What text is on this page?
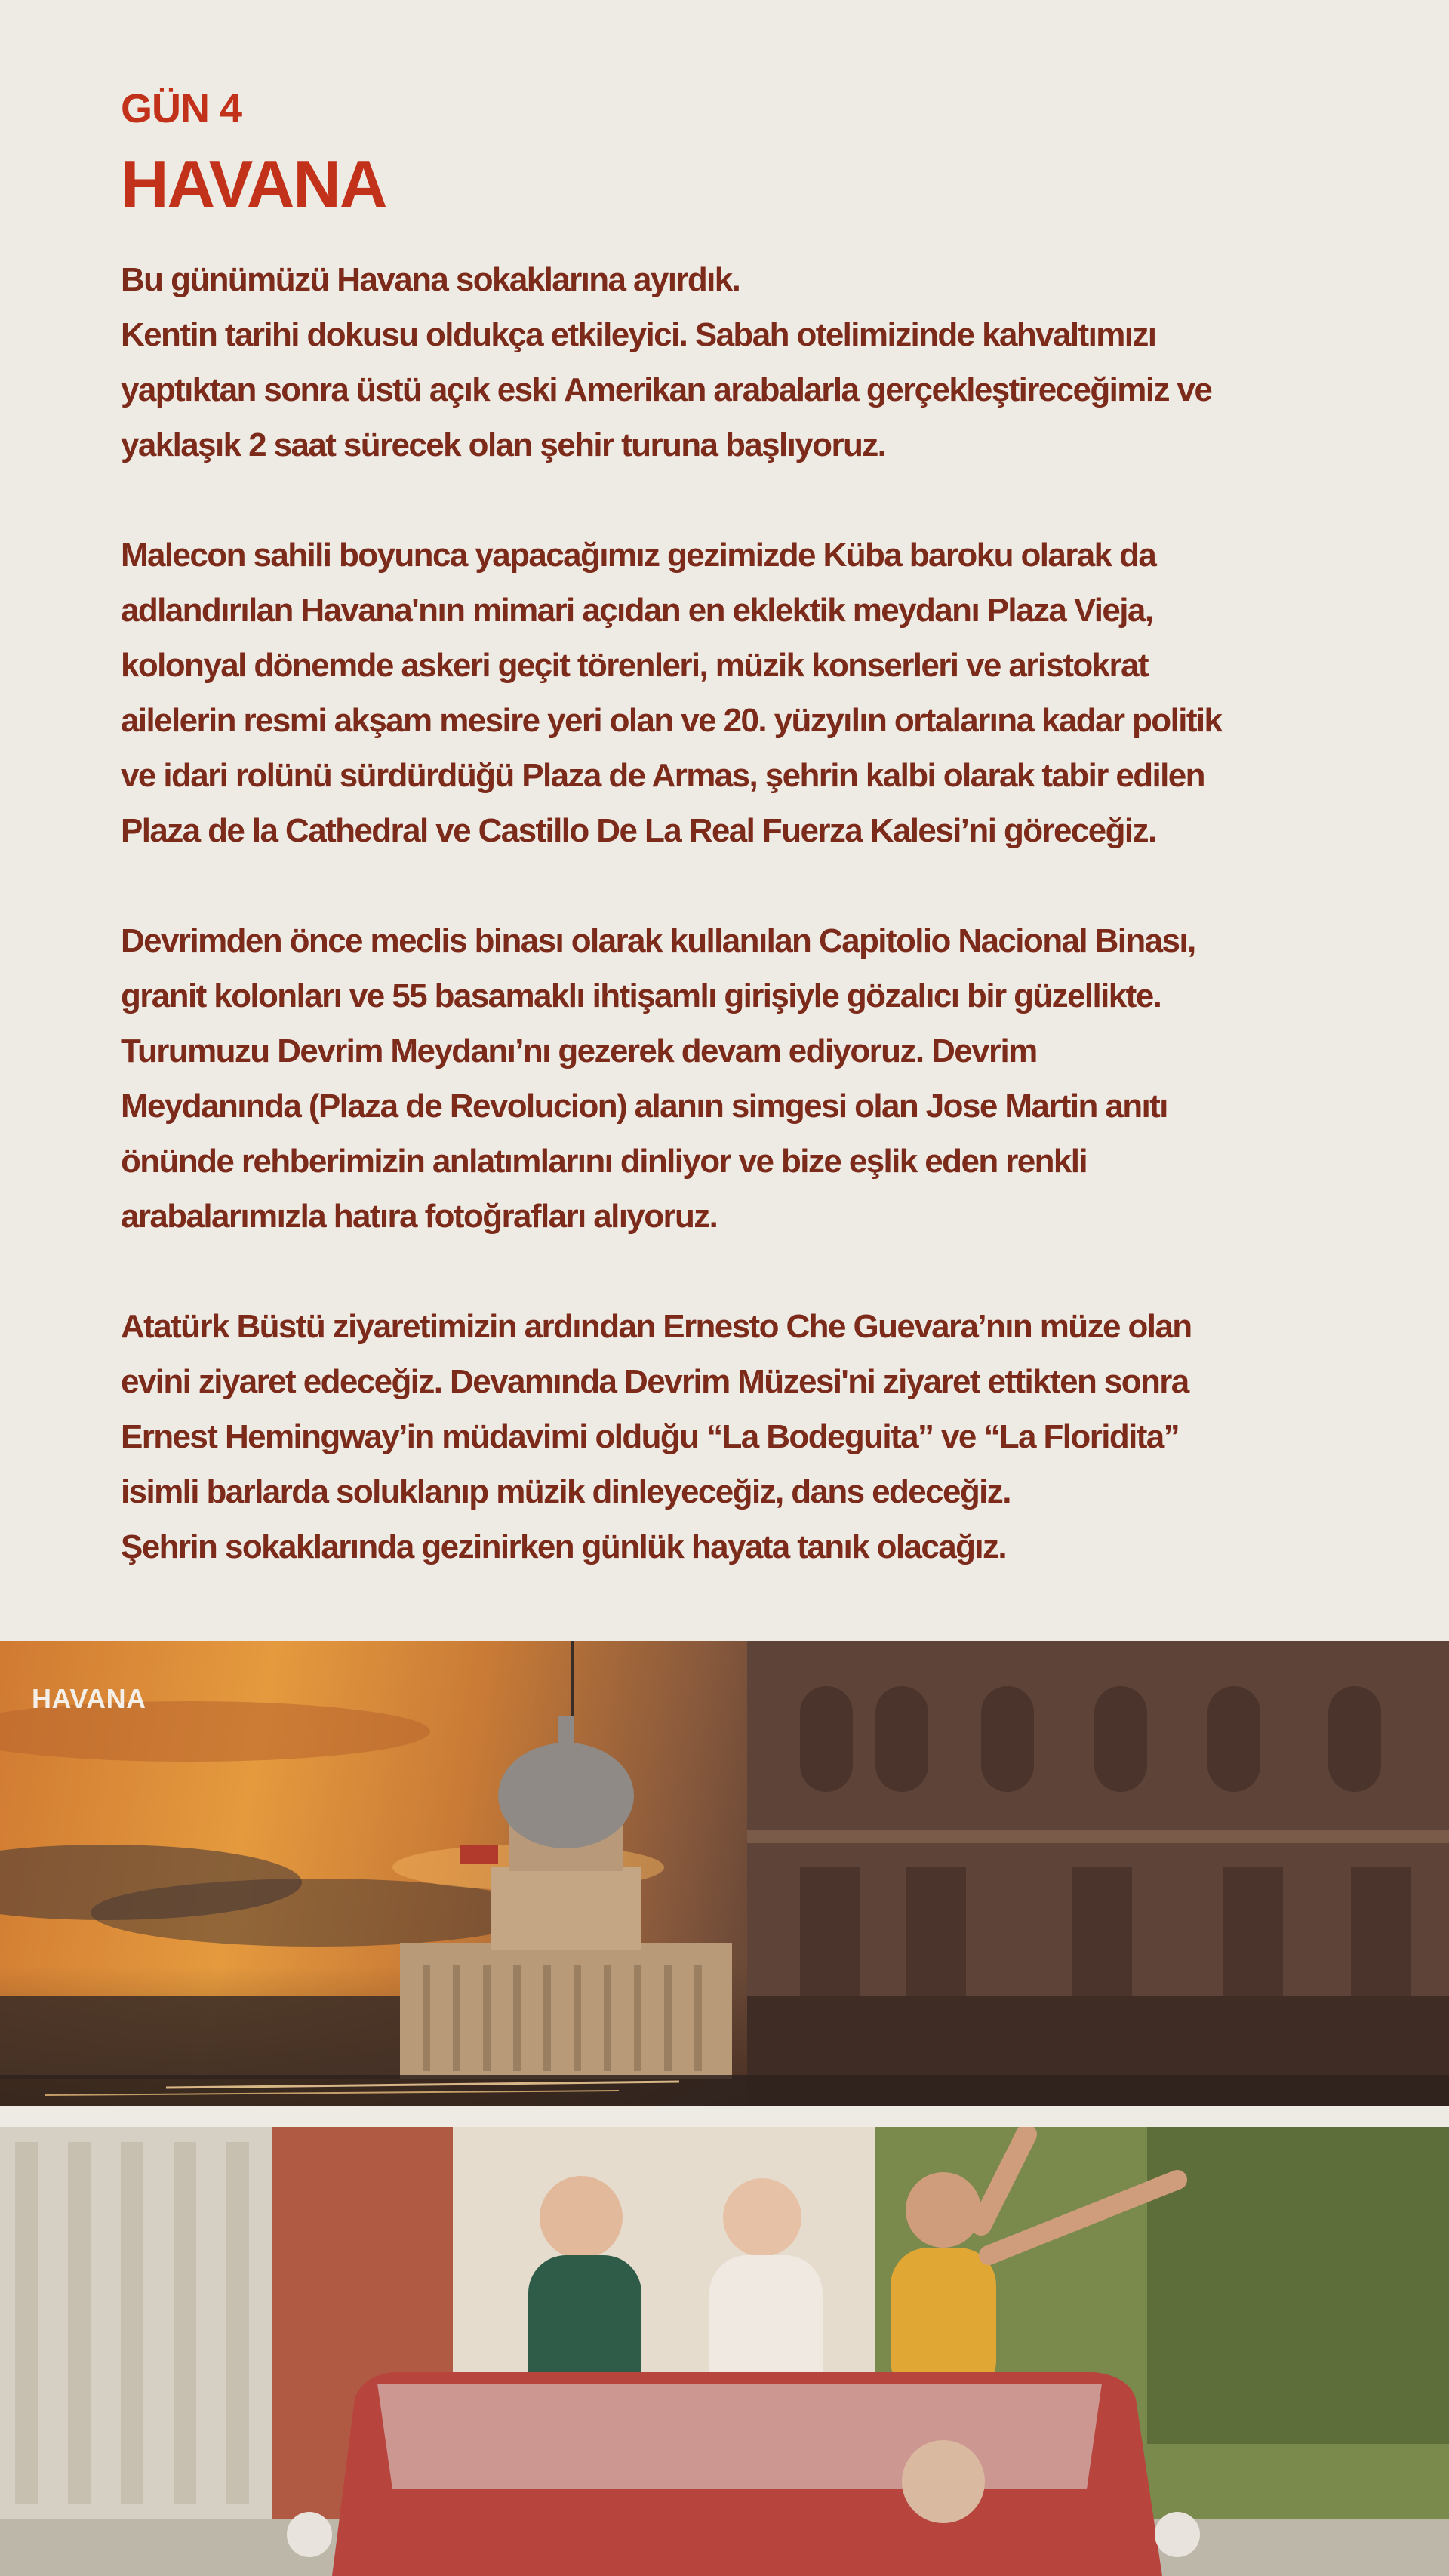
GÜN 4
HAVANA

Bu günümüzü Havana sokaklarına ayırdık.
Kentin tarihi dokusu oldukça etkileyici. Sabah otelimizinde kahvaltımızı
yaptıktan sonra üstü açık eski Amerikan arabalarla gerçekleştireceğimiz ve
yaklaşık 2 saat sürecek olan şehir turuna başlıyoruz.

Malecon sahili boyunca yapacağımız gezimizde Küba baroku olarak da
adlandırılan Havana'nın mimari açıdan en eklektik meydanı Plaza Vieja,
kolonyal dönemde askeri geçit törenleri, müzik konserleri ve aristokrat
ailelerin resmi akşam mesire yeri olan ve 20. yüzyılın ortalarına kadar politik
ve idari rolünü sürdürdüğü Plaza de Armas, şehrin kalbi olarak tabir edilen
Plaza de la Cathedral ve Castillo De La Real Fuerza Kalesi’ni göreceğiz.

Devrimden önce meclis binası olarak kullanılan Capitolio Nacional Binası,
granit kolonları ve 55 basamaklı ihtişamlı girişiyle gözalıcı bir güzellikte.
Turumuzu Devrim Meydanı’nı gezerek devam ediyoruz. Devrim
Meydanında (Plaza de Revolucion) alanın simgesi olan Jose Martin anıtı
önünde rehberimizin anlatımlarını dinliyor ve bize eşlik eden renkli
arabalarımızla hatıra fotoğrafları alıyoruz.

Atatürk Büstü ziyaretimizin ardından Ernesto Che Guevara’nın müze olan
evini ziyaret edeceğiz. Devamında Devrim Müzesi'ni ziyaret ettikten sonra
Ernest Hemingway’in müdavimi olduğu “La Bodeguita” ve “La Floridita”
isimli barlarda soluklanıp müzik dinleyeceğiz, dans edeceğiz.
Şehrin sokaklarında gezinirken günlük hayata tanık olacağız.

HAVANA
